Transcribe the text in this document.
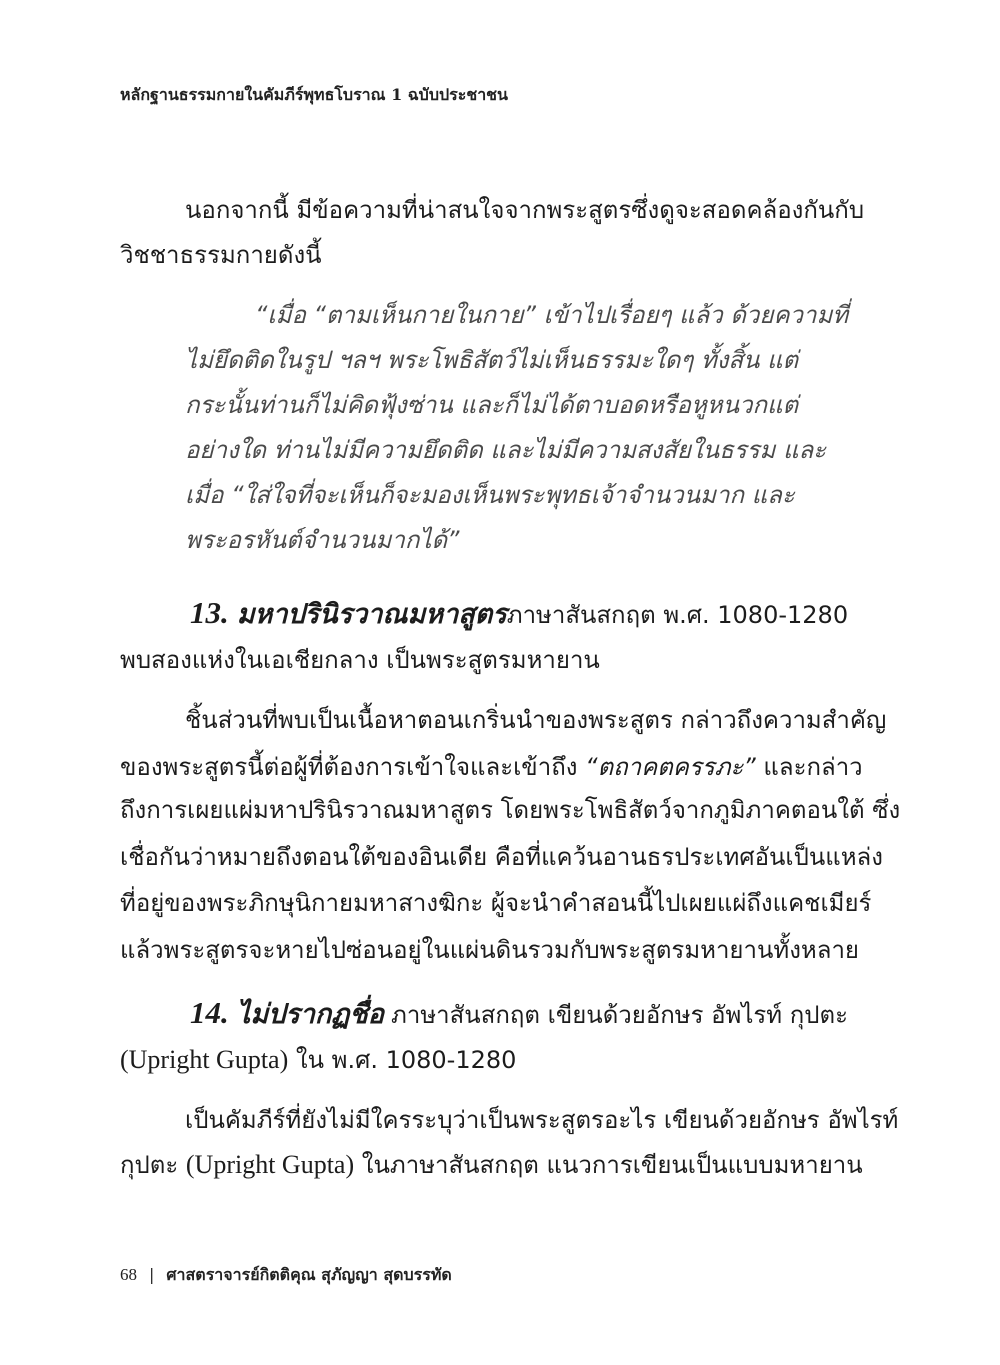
หลักฐานธรรมกายในคัมภีร์พุทธโบราณ 1 ฉบับประชาชน
นอกจากนี้ มีข้อความที่น่าสนใจจากพระสูตรซึ่งดูจะสอดคล้องกันกับ
วิชชาธรรมกายดังนี้
“เมื่อ “ตามเห็นกายในกาย” เข้าไปเรื่อยๆ แล้ว ด้วยความที่
ไม่ยึดติดในรูป ฯลฯ พระโพธิสัตว์ไม่เห็นธรรมะใดๆ ทั้งสิ้น แต่
กระนั้นท่านก็ไม่คิดฟุ้งซ่าน และก็ไม่ได้ตาบอดหรือหูหนวกแต่
อย่างใด ท่านไม่มีความยึดติด และไม่มีความสงสัยในธรรม และ
เมื่อ “ใส่ใจที่จะเห็นก็จะมองเห็นพระพุทธเจ้าจำนวนมาก และ
พระอรหันต์จำนวนมากได้”
13. มหาปรินิรวาณมหาสูตร ภาษาสันสกฤต พ.ศ. 1080-1280
พบสองแห่งในเอเชียกลาง เป็นพระสูตรมหายาน
ชิ้นส่วนที่พบเป็นเนื้อหาตอนเกริ่นนำของพระสูตร กล่าวถึงความสำคัญ
ของพระสูตรนี้ต่อผู้ที่ต้องการเข้าใจและเข้าถึง “ตถาคตครรภะ” และกล่าว
ถึงการเผยแผ่มหาปรินิรวาณมหาสูตร โดยพระโพธิสัตว์จากภูมิภาคตอนใต้ ซึ่ง
เชื่อกันว่าหมายถึงตอนใต้ของอินเดีย คือที่แคว้นอานธรประเทศอันเป็นแหล่ง
ที่อยู่ของพระภิกษุนิกายมหาสางฆิกะ ผู้จะนำคำสอนนี้ไปเผยแผ่ถึงแคชเมียร์
แล้วพระสูตรจะหายไปซ่อนอยู่ในแผ่นดินรวมกับพระสูตรมหายานทั้งหลาย
14. ไม่ปรากฏชื่อ ภาษาสันสกฤต เขียนด้วยอักษร อัพไรท์ กุปตะ
(Upright Gupta) ใน พ.ศ. 1080-1280
เป็นคัมภีร์ที่ยังไม่มีใครระบุว่าเป็นพระสูตรอะไร เขียนด้วยอักษร อัพไรท์
กุปตะ (Upright Gupta) ในภาษาสันสกฤต แนวการเขียนเป็นแบบมหายาน
68 | ศาสตราจารย์กิตติคุณ สุภัญญา สุดบรรทัด
